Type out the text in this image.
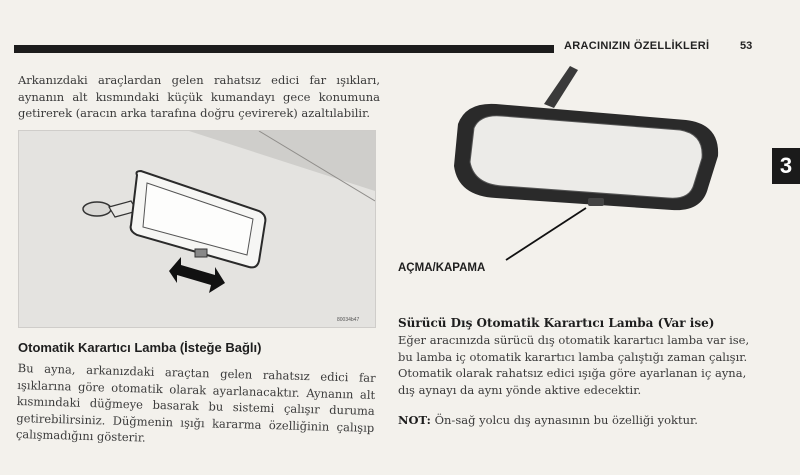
ARACINIZIN ÖZELLİKLERİ	53
3

Arkanızdaki araçlardan gelen rahatsız edici far ışıkları, aynanın alt kısmındaki küçük kumandayı gece konumuna getirerek (aracın arka tarafına doğru çevirerek) azaltılabilir.

80034b47
Otomatik Karartıcı Lamba (İsteğe Bağlı)

Bu ayna, arkanızdaki araçtan gelen rahatsız edici far ışıklarına göre otomatik olarak ayarlanacaktır. Aynanın alt kısmındaki düğmeye basarak bu sistemi çalışır duruma getirebilirsiniz. Düğmenin ışığı kararma özelliğinin çalışıp çalışmadığını gösterir.

AÇMA/KAPAMA
Sürücü Dış Otomatik Karartıcı Lamba (Var ise)

Eğer aracınızda sürücü dış otomatik karartıcı lamba var ise, bu lamba iç otomatik karartıcı lamba çalıştığı zaman çalışır. Otomatik olarak rahatsız edici ışığa göre ayarlanan iç ayna, dış aynayı da aynı yönde aktive edecektir.

NOT: Ön-sağ yolcu dış aynasının bu özelliği yoktur.
